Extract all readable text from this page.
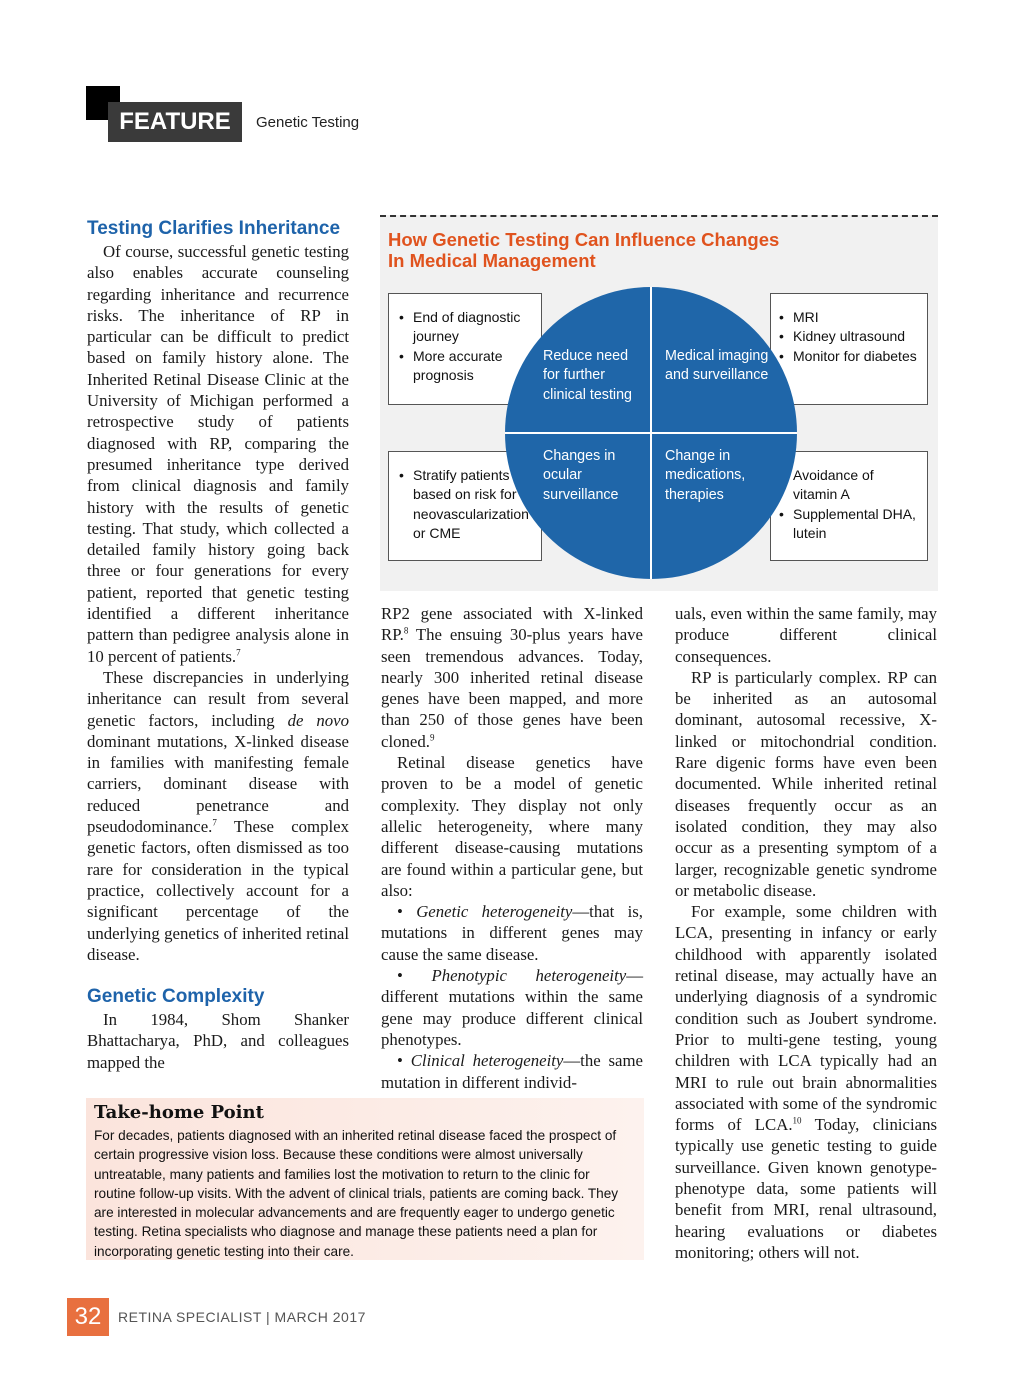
FEATURE	Genetic Testing
Testing Clarifies Inheritance

Of course, successful genetic testing also enables accurate counseling regarding inheritance and recurrence risks. The inheritance of RP in particular can be difficult to predict based on family history alone. The Inherited Retinal Disease Clinic at the University of Michigan performed a retrospective study of patients diagnosed with RP, comparing the presumed inheritance type derived from clinical diagnosis and family history with the results of genetic testing. That study, which collected a detailed family history going back three or four generations for every patient, reported that genetic testing identified a different inheritance pattern than pedigree analysis alone in 10 percent of patients.$^7$

These discrepancies in underlying inheritance can result from several genetic factors, including de novo dominant mutations, X-linked disease in families with manifesting female carriers, dominant disease with reduced penetrance and pseudodominance.$^7$ These complex genetic factors, often dismissed as too rare for consideration in the typical practice, collectively account for a significant percentage of the underlying genetics of inherited retinal disease.

Genetic Complexity

In 1984, Shom Shanker Bhattacharya, PhD, and colleagues mapped the

How Genetic Testing Can Influence Changes
In Medical Management
• End of diagnostic journey
• More accurate prognosis
• MRI
• Kidney ultrasound
• Monitor for diabetes
• Stratify patients based on risk for neovascularization or CME
• Avoidance of vitamin A
• Supplemental DHA, lutein
Reduce need for further clinical testing
Medical imaging and surveillance
Changes in ocular surveillance
Change in medications, therapies

RP2 gene associated with X-linked RP.$^8$ The ensuing 30-plus years have seen tremendous advances. Today, nearly 300 inherited retinal disease genes have been mapped, and more than 250 of those genes have been cloned.$^9$

Retinal disease genetics have proven to be a model of genetic complexity. They display not only allelic heterogeneity, where many different disease-causing mutations are found within a particular gene, but also:

• Genetic heterogeneity—that is, mutations in different genes may cause the same disease.

• Phenotypic heterogeneity—different mutations within the same gene may produce different clinical phenotypes.

• Clinical heterogeneity—the same mutation in different individ-

uals, even within the same family, may produce different clinical consequences.

RP is particularly complex. RP can be inherited as an autosomal dominant, autosomal recessive, X-linked or mitochondrial condition. Rare digenic forms have even been documented. While inherited retinal diseases frequently occur as an isolated condition, they may also occur as a presenting symptom of a larger, recognizable genetic syndrome or metabolic disease.

For example, some children with LCA, presenting in infancy or early childhood with apparently isolated retinal disease, may actually have an underlying diagnosis of a syndromic condition such as Joubert syndrome. Prior to multi-gene testing, young children with LCA typically had an MRI to rule out brain abnormalities associated with some of the syndromic forms of LCA.$^{10}$ Today, clinicians typically use genetic testing to guide surveillance. Given known genotype-phenotype data, some patients will benefit from MRI, renal ultrasound, hearing evaluations or diabetes monitoring; others will not.

Take-home Point
For decades, patients diagnosed with an inherited retinal disease faced the prospect of certain progressive vision loss. Because these conditions were almost universally untreatable, many patients and families lost the motivation to return to the clinic for routine follow-up visits. With the advent of clinical trials, patients are coming back. They are interested in molecular advancements and are frequently eager to undergo genetic testing. Retina specialists who diagnose and manage these patients need a plan for incorporating genetic testing into their care.
32	RETINA SPECIALIST | MARCH 2017
